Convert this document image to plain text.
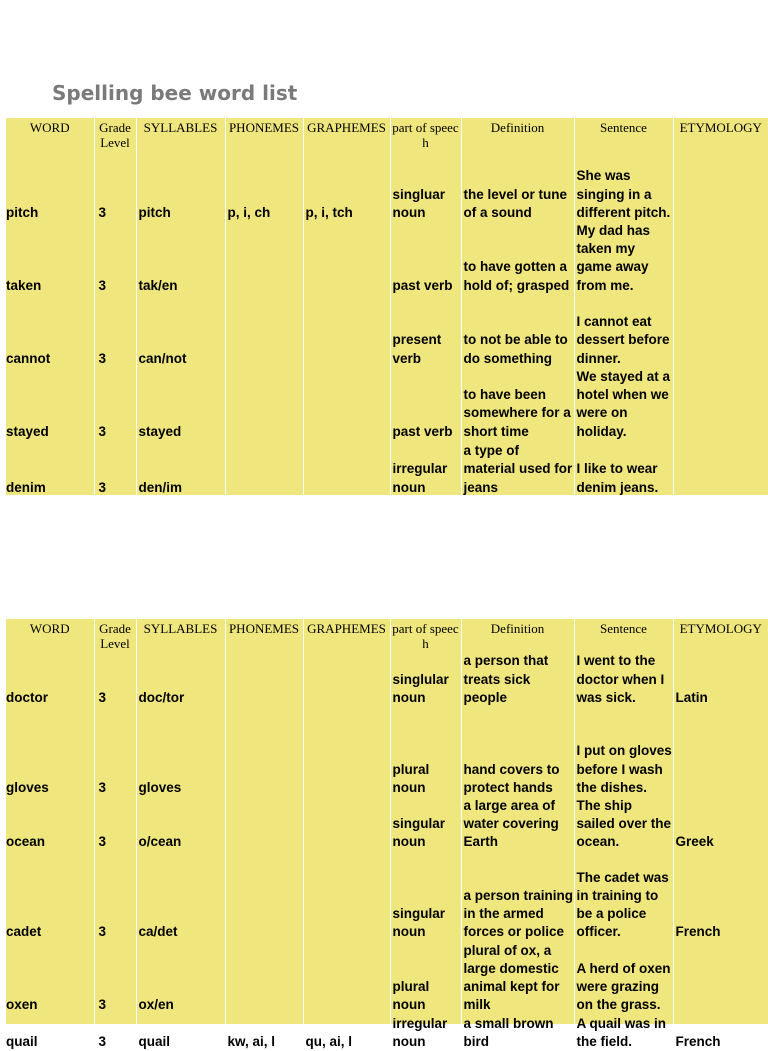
Spelling bee word list
WORD	Grade Level	SYLLABLES	PHONEMES	GRAPHEMES	part of speech	Definition	Sentence	ETYMOLOGY
pitch	3	pitch	p, i, ch	p, i, tch	singluar noun	the level or tune of a sound	She was singing in a different pitch.	
taken	3	tak/en			past verb	to have gotten a hold of; grasped	My dad has taken my game away from me.	
cannot	3	can/not			present verb	to not be able to do something	I cannot eat dessert before dinner.	
stayed	3	stayed			past verb	to have been somewhere for a short time	We stayed at a hotel when we were on holiday.	
denim	3	den/im			irregular noun	a type of material used for jeans	I like to wear denim jeans.	
WORD	Grade Level	SYLLABLES	PHONEMES	GRAPHEMES	part of speech	Definition	Sentence	ETYMOLOGY
doctor	3	doc/tor			singlular noun	a person that treats sick people	I went to the doctor when I was sick.	Latin
gloves	3	gloves			plural noun	hand covers to protect hands	I put on gloves before I wash the dishes.	
ocean	3	o/cean			singular noun	a large area of water covering Earth	The ship sailed over the ocean.	Greek
cadet	3	ca/det			singular noun	a person training in the armed forces or police	The cadet was in training to be a police officer.	French
oxen	3	ox/en			plural noun	plural of ox, a large domestic animal kept for milk	A herd of oxen were grazing on the grass.	
quail	3	quail	kw, ai, l	qu, ai, l	irregular noun	a small brown bird	A quail was in the field.	French
